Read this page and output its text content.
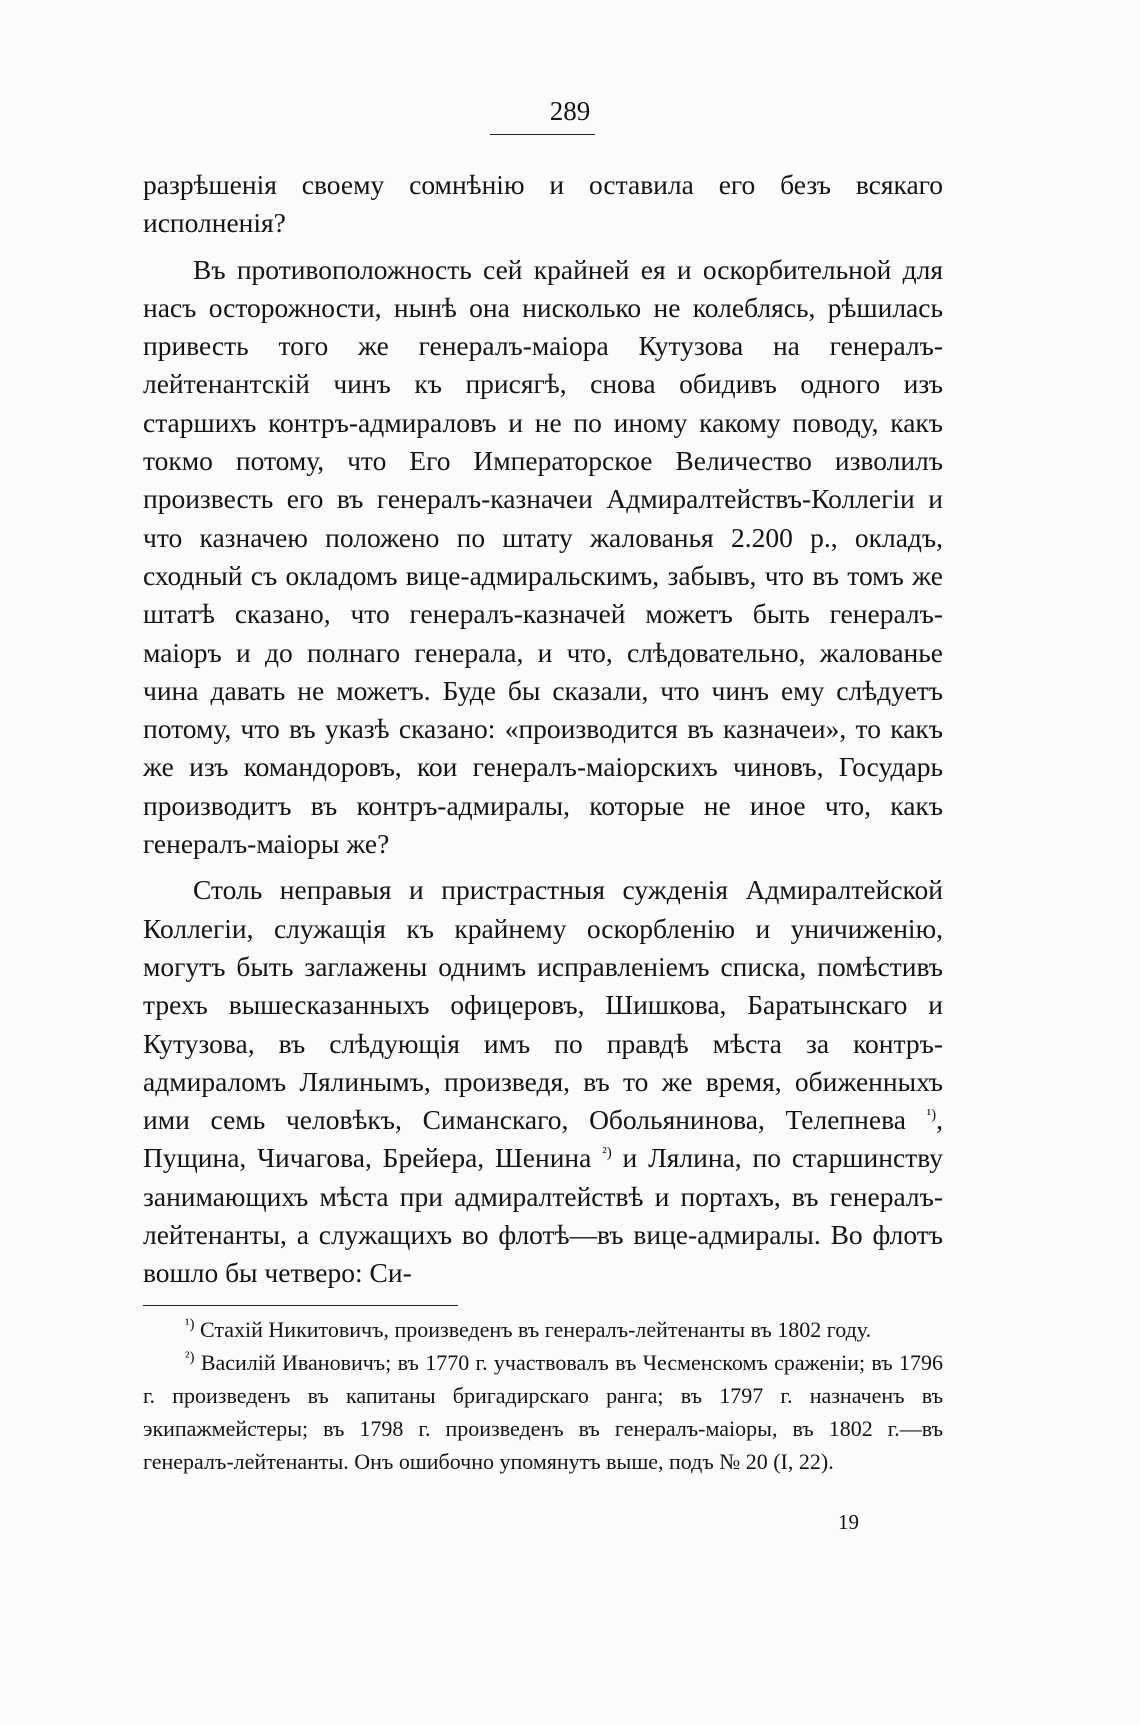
289

разрѣшенія своему сомнѣнію и оставила его безъ всякаго исполненія?

Въ противоположность сей крайней ея и оскорбительной для насъ осторожности, нынѣ она нисколько не колеблясь, рѣшилась привесть того же генералъ-маіора Кутузова на генералъ-лейтенантскій чинъ къ присягѣ, снова обидивъ одного изъ старшихъ контръ-адмираловъ и не по иному какому поводу, какъ токмо потому, что Его Императорское Величество изволилъ произвесть его въ генералъ-казначеи Адмиралтействъ-Коллегіи и что казначею положено по штату жалованья 2.200 р., окладъ, сходный съ окладомъ вице-адмиральскимъ, забывъ, что въ томъ же штатѣ сказано, что генералъ-казначей можетъ быть генералъ-маіоръ и до полнаго генерала, и что, слѣдовательно, жалованье чина давать не можетъ. Буде бы сказали, что чинъ ему слѣдуетъ потому, что въ указѣ сказано: «производится въ казначеи», то какъ же изъ командоровъ, кои генералъ-маіорскихъ чиновъ, Государь производитъ въ контръ-адмиралы, которые не иное что, какъ генералъ-маіоры же?

Столь неправыя и пристрастныя сужденія Адмиралтейской Коллегіи, служащія къ крайнему оскорбленію и уничиженію, могутъ быть заглажены однимъ исправленіемъ списка, помѣстивъ трехъ вышесказанныхъ офицеровъ, Шишкова, Баратынскаго и Кутузова, въ слѣдующія имъ по правдѣ мѣста за контръ-адмираломъ Лялинымъ, произведя, въ то же время, обиженныхъ ими семь человѣкъ, Симанскаго, Обольянинова, Телепнева $^{^1)}$, Пущина, Чичагова, Брейера, Шенина $^{^2)}$ и Лялина, по старшинству занимающихъ мѣста при адмиралтействѣ и портахъ, въ генералъ-лейтенанты, а служащихъ во флотѣ—въ вице-адмиралы. Во флотъ вошло бы четверо: Си-

$^{^1)}$ Стахій Никитовичъ, произведенъ въ генералъ-лейтенанты въ 1802 году.

$^{^2)}$ Василій Ивановичъ; въ 1770 г. участвовалъ въ Чесменскомъ сраженіи; въ 1796 г. произведенъ въ капитаны бригадирскаго ранга; въ 1797 г. назначенъ въ экипажмейстеры; въ 1798 г. произведенъ въ генералъ-маіоры, въ 1802 г.—въ генералъ-лейтенанты. Онъ ошибочно упомянутъ выше, подъ № 20 (I, 22).

19
